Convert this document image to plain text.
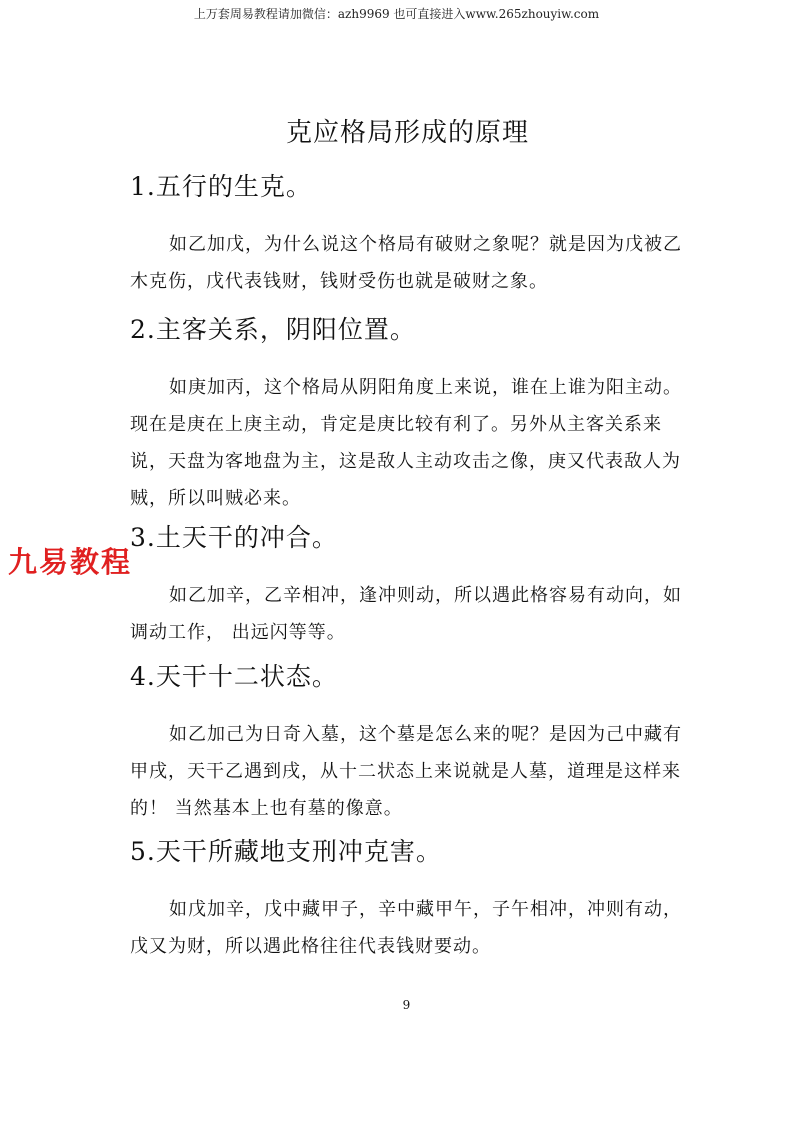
上万套周易教程请加微信：azh9969 也可直接进入www.265zhouyiw.com
克应格局形成的原理
1.五行的生克。
如乙加戊，为什么说这个格局有破财之象呢？就是因为戊被乙木克伤，戊代表钱财，钱财受伤也就是破财之象。
2.主客关系，阴阳位置。
如庚加丙，这个格局从阴阳角度上来说，谁在上谁为阳主动。现在是庚在上庚主动，肯定是庚比较有利了。另外从主客关系来说，天盘为客地盘为主，这是敌人主动攻击之像，庚又代表敌人为贼，所以叫贼必来。
3.土天干的冲合。
如乙加辛，乙辛相冲，逢冲则动，所以遇此格容易有动向，如调动工作， 出远闪等等。
4.天干十二状态。
如乙加己为日奇入墓，这个墓是怎么来的呢？是因为己中藏有甲戌，天干乙遇到戌，从十二状态上来说就是人墓，道理是这样来的！ 当然基本上也有墓的像意。
5.天干所藏地支刑冲克害。
如戊加辛，戊中藏甲子，辛中藏甲午，子午相冲，冲则有动，戊又为财，所以遇此格往往代表钱财要动。
九易教程
9
